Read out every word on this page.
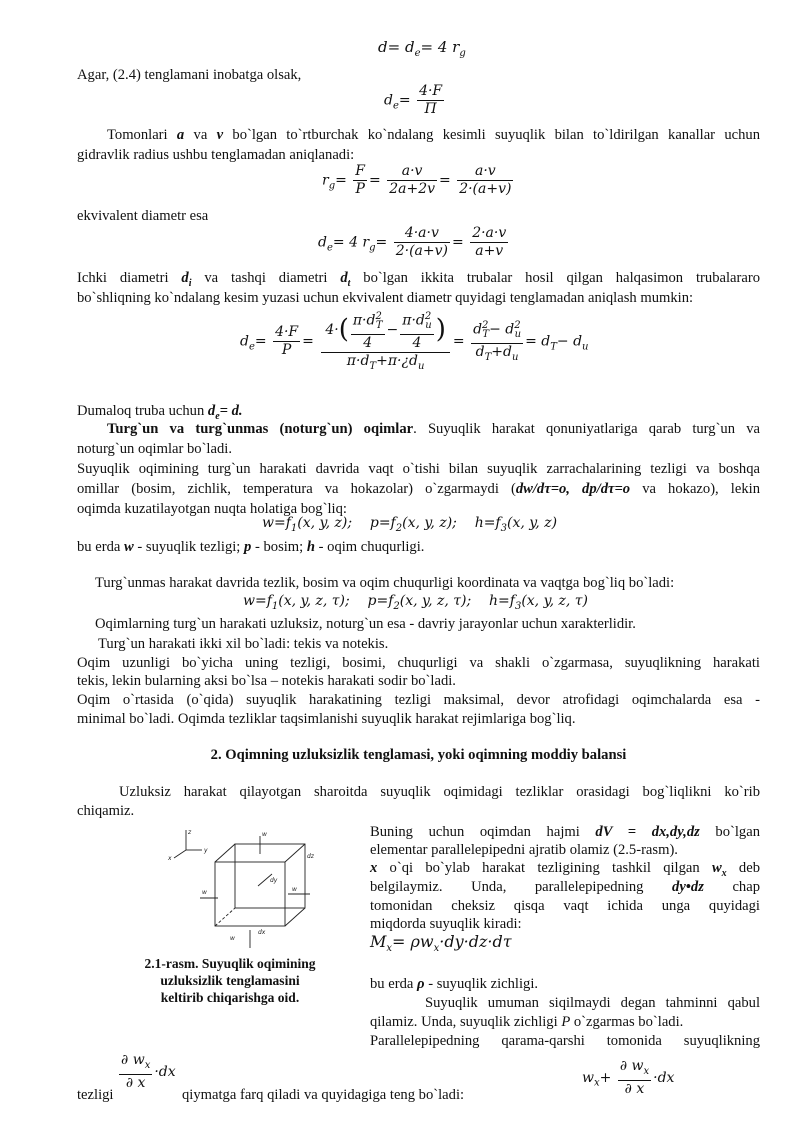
$d= d_e= 4$ $r_g$
Agar, (2.4) tenglamani inobatga olsak,
$d_e= \frac{4\cdot F}{\Pi}$
Tomonlari a va v bo`lgan to`rtburchak ko`ndalang kesimli suyuqlik bilan to`ldirilgan kanallar uchun
gidravlik radius ushbu tenglamadan aniqlanadi:
$r_g= \frac{F}{P} = \frac{a\cdot v}{2a+2v} = \frac{a\cdot v}{2\cdot(a+v)}$
ekvivalent diametr esa
$d_e= 4$ $r_g= \frac{4\cdot a\cdot v}{2\cdot(a+v)} = \frac{2\cdot a\cdot v}{a+v}$
Ichki diametri $d_i$ va tashqi diametri $d_t$ bo`lgan ikkita trubalar hosil qilgan halqasimon trubalararo
bo`shliqning ko`ndalang kesim yuzasi uchun ekvivalent diametr quyidagi tenglamadan aniqlash mumkin:
$d_e= \frac{4\cdot F}{P} = \frac{4\cdot( \frac{\pi\cdot d^2_T}{4} - \frac{\pi\cdot d^2_u}{4} )}{\pi\cdot d_T+\pi\cdot¿d_u} = \frac{d^2_T- d^2_u}{d_T+d_u} = d_T- d_u$
Dumaloq truba uchun $d_e= d$.
Turg`un va turg`unmas (noturg`un) oqimlar. Suyuqlik harakat qonuniyatlariga qarab turg`un va
noturg`un oqimlar bo`ladi.
Suyuqlik oqimining turg`un harakati davrida vaqt o`tishi bilan suyuqlik zarrachalarining tezligi va boshqa
omillar (bosim, zichlik, temperatura va hokazolar) o`zgarmaydi (dw/dτ=o, dp/dτ=o va hokazo), lekin
oqimda kuzatilayotgan nuqta holatiga bog`liq:
$w=f_1(x$, y, z); $p=f_2(x$, y, z); $h=f_3(x$, y, z)
bu erda w - suyuqlik tezligi; p - bosim; h - oqim chuqurligi.
Turg`unmas harakat davrida tezlik, bosim va oqim chuqurligi koordinata va vaqtga bog`liq bo`ladi:
$w=f_1(x$, y, z, τ); $p=f_2(x$, y, z, τ); $h=f_3(x$, y, z, τ)
Oqimlarning turg`un harakati uzluksiz, noturg`un esa - davriy jarayonlar uchun xarakterlidir.
Turg`un harakati ikki xil bo`ladi: tekis va notekis.
Oqim uzunligi bo`yicha uning tezligi, bosimi, chuqurligi va shakli o`zgarmasa, suyuqlikning harakati
tekis, lekin bularning aksi bo`lsa – notekis harakati sodir bo`ladi.
Oqim o`rtasida (o`qida) suyuqlik harakatining tezligi maksimal, devor atrofidagi oqimchalarda esa -
minimal bo`ladi. Oqimda tezliklar taqsimlanishi suyuqlik harakat rejimlariga bog`liq.
2. Oqimning uzluksizlik tenglamasi, yoki oqimning moddiy balansi
Uzluksiz harakat qilayotgan sharoitda suyuqlik oqimidagi tezliklar orasidagi bog`liqlikni ko`rib
chiqamiz.
z
x
y
w
w	w
dz
dy
dx
w
2.1-rasm. Suyuqlik oqimining
uzluksizlik tenglamasini
keltirib chiqarishga oid.
Buning uchun oqimdan hajmi dV = dx,dy,dz bo`lgan
elementar parallelepipedni ajratib olamiz (2.5-rasm).
x o`qi bo`ylab harakat tezligining tashkil qilgan $w_x$ deb
belgilaymiz. Unda, parallelepipedning dy•dz chap
tomonidan cheksiz qisqa vaqt ichida unga quyidagi
miqdorda suyuqlik kiradi:
$M_x= \rho w_x\cdot dy\cdot dz\cdot d\tau$
bu erda ρ - suyuqlik zichligi.
Suyuqlik umuman siqilmaydi degan tahminni qabul
qilamiz. Unda, suyuqlik zichligi P o`zgarmas bo`ladi.
Parallelepipedning qarama-qarshi tomonida suyuqlikning
tezligi
$\frac{\partial w_x}{\partial x} \cdot dx$
qiymatga farq qiladi va quyidagiga teng bo`ladi:
$w_x+ \frac{\partial w_x}{\partial x} \cdot dx$
